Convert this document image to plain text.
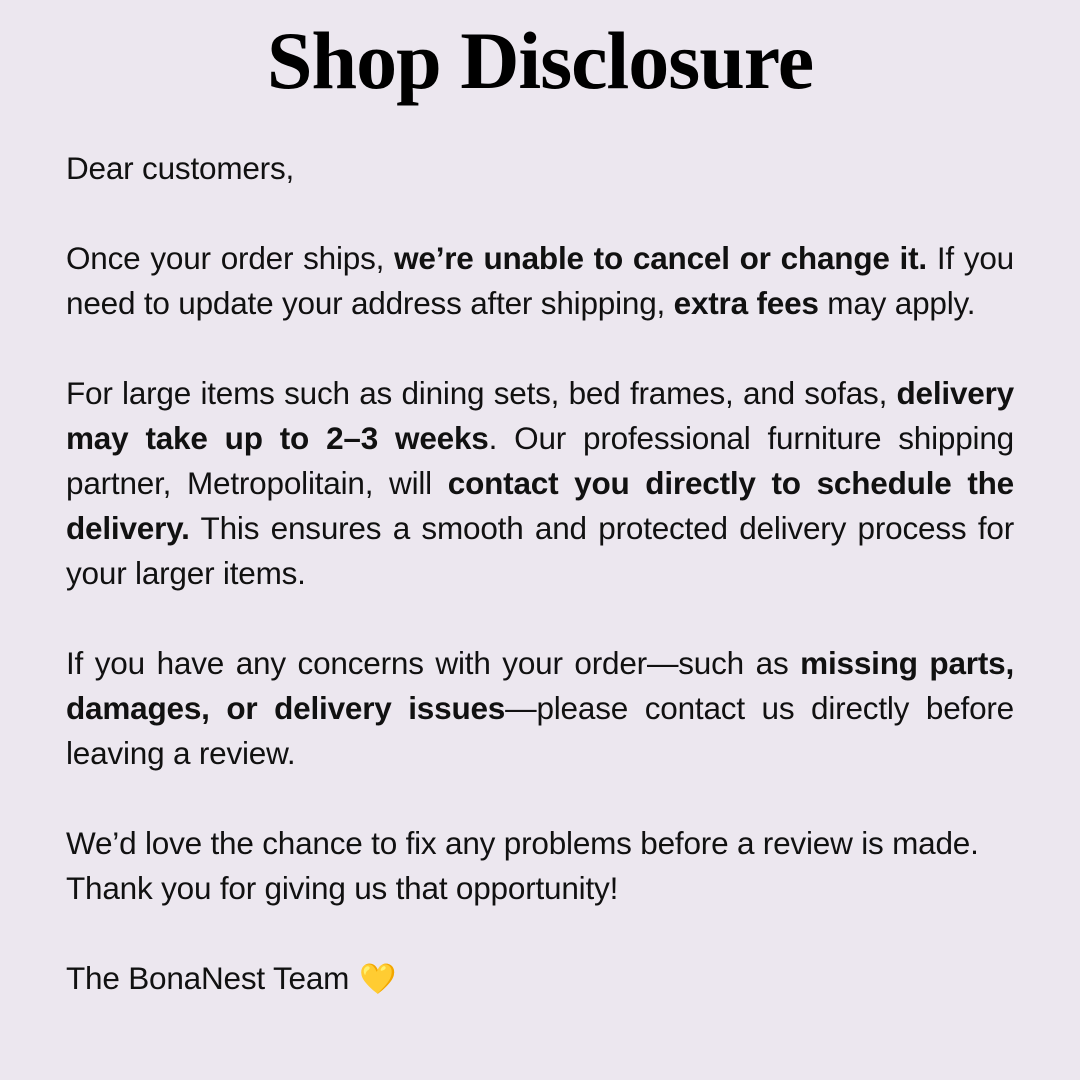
Shop Disclosure

Dear customers,

Once your order ships, we’re unable to cancel or change it. If you need to update your address after shipping, extra fees may apply.

For large items such as dining sets, bed frames, and sofas, delivery may take up to 2–3 weeks. Our professional furniture shipping partner, Metropolitain, will contact you directly to schedule the delivery. This ensures a smooth and protected delivery process for your larger items.

If you have any concerns with your order—such as missing parts, damages, or delivery issues—please contact us directly before leaving a review.

We’d love the chance to fix any problems before a review is made. Thank you for giving us that opportunity!

The BonaNest Team 💛
